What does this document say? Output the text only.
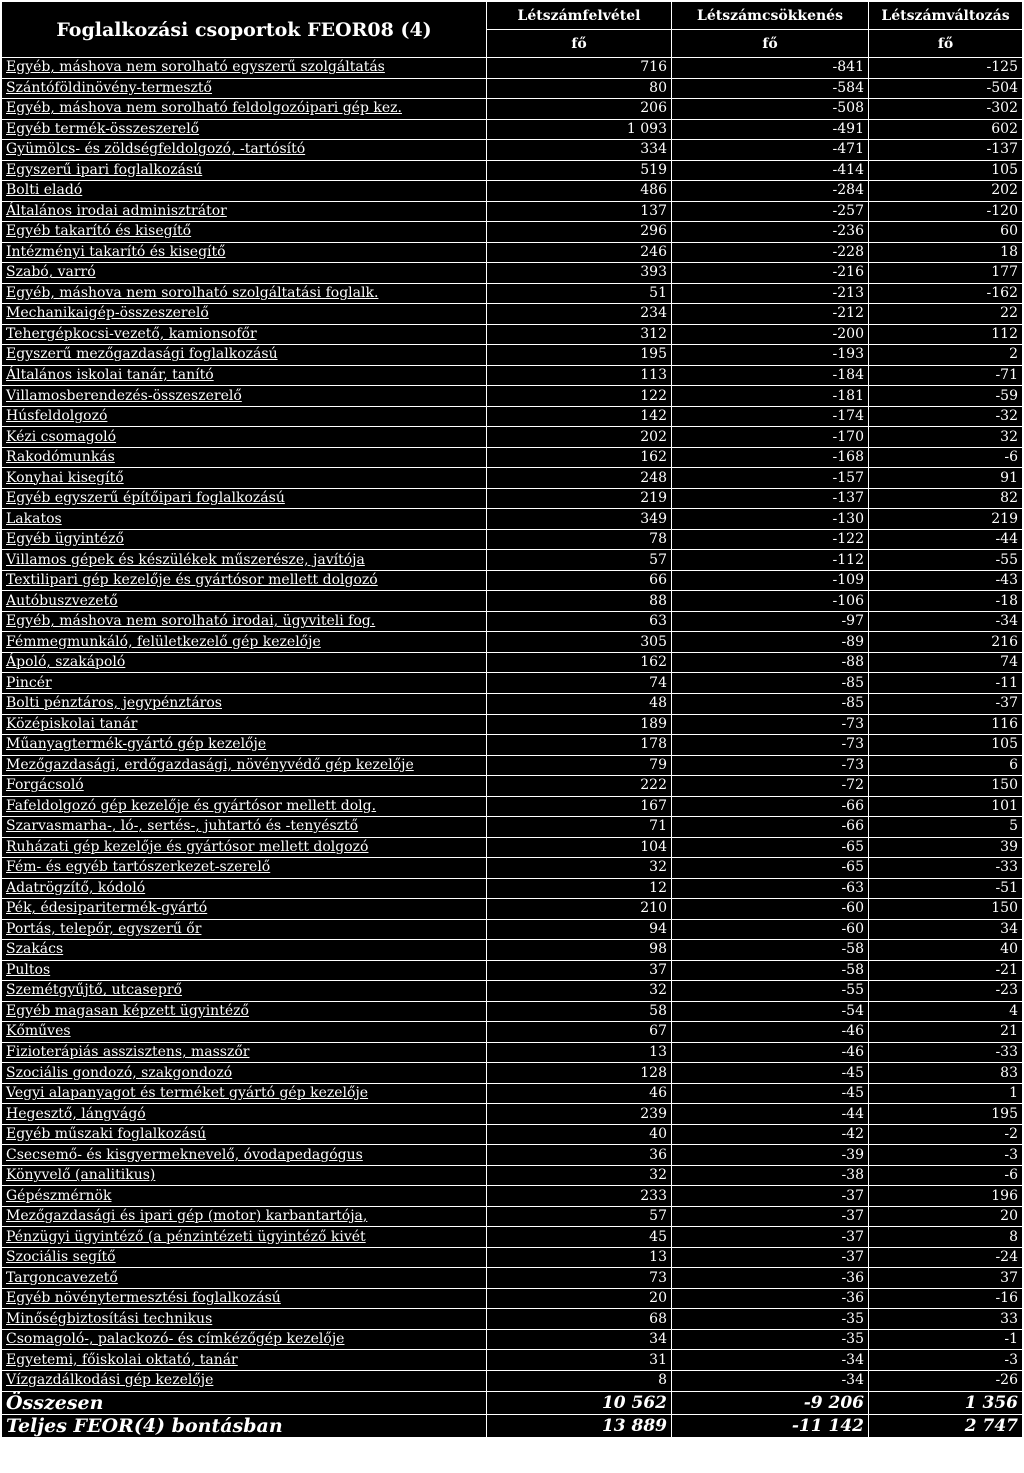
Foglalkozási csoportok FEOR08 (4)	Létszámfelvétel	Létszámcsökkenés	Létszámváltozás
	fő	fő	fő
Egyéb, máshova nem sorolható egyszerű szolgáltatás	716	-841	-125
Szántóföldinövény-termesztő	80	-584	-504
Egyéb, máshova nem sorolható feldolgozóipari gép kez.	206	-508	-302
Egyéb termék-összeszerelő	1 093	-491	602
Gyümölcs- és zöldségfeldolgozó, -tartósító	334	-471	-137
Egyszerű ipari foglalkozású	519	-414	105
Bolti eladó	486	-284	202
Általános irodai adminisztrátor	137	-257	-120
Egyéb takarító és kisegítő	296	-236	60
Intézményi takarító és kisegítő	246	-228	18
Szabó, varró	393	-216	177
Egyéb, máshova nem sorolható szolgáltatási foglalk.	51	-213	-162
Mechanikaigép-összeszerelő	234	-212	22
Tehergépkocsi-vezető, kamionsofőr	312	-200	112
Egyszerű mezőgazdasági foglalkozású	195	-193	2
Általános iskolai tanár, tanító	113	-184	-71
Villamosberendezés-összeszerelő	122	-181	-59
Húsfeldolgozó	142	-174	-32
Kézi csomagoló	202	-170	32
Rakodómunkás	162	-168	-6
Konyhai kisegítő	248	-157	91
Egyéb egyszerű építőipari foglalkozású	219	-137	82
Lakatos	349	-130	219
Egyéb ügyintéző	78	-122	-44
Villamos gépek és készülékek műszerésze, javítója	57	-112	-55
Textilipari gép kezelője és gyártósor mellett dolgozó	66	-109	-43
Autóbuszvezető	88	-106	-18
Egyéb, máshova nem sorolható irodai, ügyviteli fog.	63	-97	-34
Fémmegmunkáló, felületkezelő gép kezelője	305	-89	216
Ápoló, szakápoló	162	-88	74
Pincér	74	-85	-11
Bolti pénztáros, jegypénztáros	48	-85	-37
Középiskolai tanár	189	-73	116
Műanyagtermék-gyártó gép kezelője	178	-73	105
Mezőgazdasági, erdőgazdasági, növényvédő gép kezelője	79	-73	6
Forgácsoló	222	-72	150
Fafeldolgozó gép kezelője és gyártósor mellett dolg.	167	-66	101
Szarvasmarha-, ló-, sertés-, juhtartó és -tenyésztő	71	-66	5
Ruházati gép kezelője és gyártósor mellett dolgozó	104	-65	39
Fém- és egyéb tartószerkezet-szerelő	32	-65	-33
Adatrögzítő, kódoló	12	-63	-51
Pék, édesiparitermék-gyártó	210	-60	150
Portás, telepőr, egyszerű őr	94	-60	34
Szakács	98	-58	40
Pultos	37	-58	-21
Szemétgyűjtő, utcaseprő	32	-55	-23
Egyéb magasan képzett ügyintéző	58	-54	4
Kőműves	67	-46	21
Fizioterápiás asszisztens, masszőr	13	-46	-33
Szociális gondozó, szakgondozó	128	-45	83
Vegyi alapanyagot és terméket gyártó gép kezelője	46	-45	1
Hegesztő, lángvágó	239	-44	195
Egyéb műszaki foglalkozású	40	-42	-2
Csecsemő- és kisgyermeknevelő, óvodapedagógus	36	-39	-3
Könyvelő (analitikus)	32	-38	-6
Gépészmérnök	233	-37	196
Mezőgazdasági és ipari gép (motor) karbantartója,	57	-37	20
Pénzügyi ügyintéző (a pénzintézeti ügyintéző kivét	45	-37	8
Szociális segítő	13	-37	-24
Targoncavezető	73	-36	37
Egyéb növénytermesztési foglalkozású	20	-36	-16
Minőségbiztosítási technikus	68	-35	33
Csomagoló-, palackozó- és címkézőgép kezelője	34	-35	-1
Egyetemi, főiskolai oktató, tanár	31	-34	-3
Vízgazdálkodási gép kezelője	8	-34	-26
Összesen	10 562	-9 206	1 356
Teljes FEOR(4) bontásban	13 889	-11 142	2 747
